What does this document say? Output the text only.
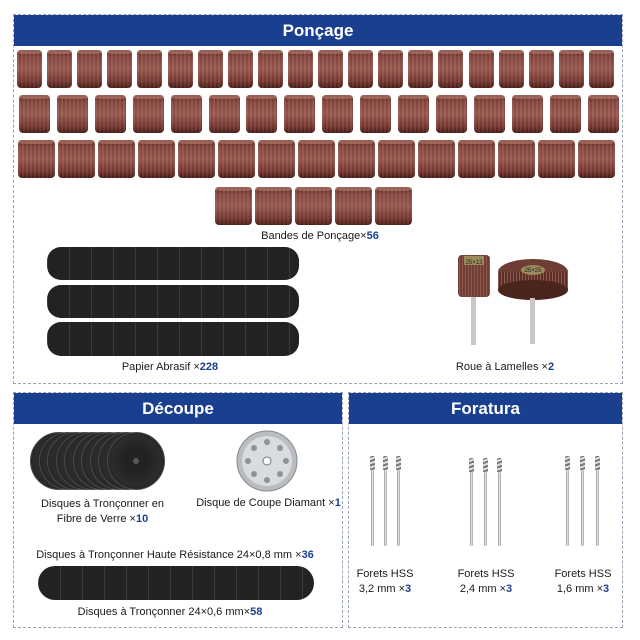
Ponçage
Bandes de Ponçage×56
Papier Abrasif ×228
25×13
25×25
Roue à Lamelles ×2
Découpe
Disques à Tronçonner en
Fibre de Verre ×10
Disque de Coupe Diamant ×1
Disques à Tronçonner Haute Résistance 24×0,8 mm ×36
Disques à Tronçonner 24×0,6 mm×58
Foratura
Forets HSS
3,2 mm ×3
Forets HSS
2,4 mm ×3
Forets HSS
1,6 mm ×3
